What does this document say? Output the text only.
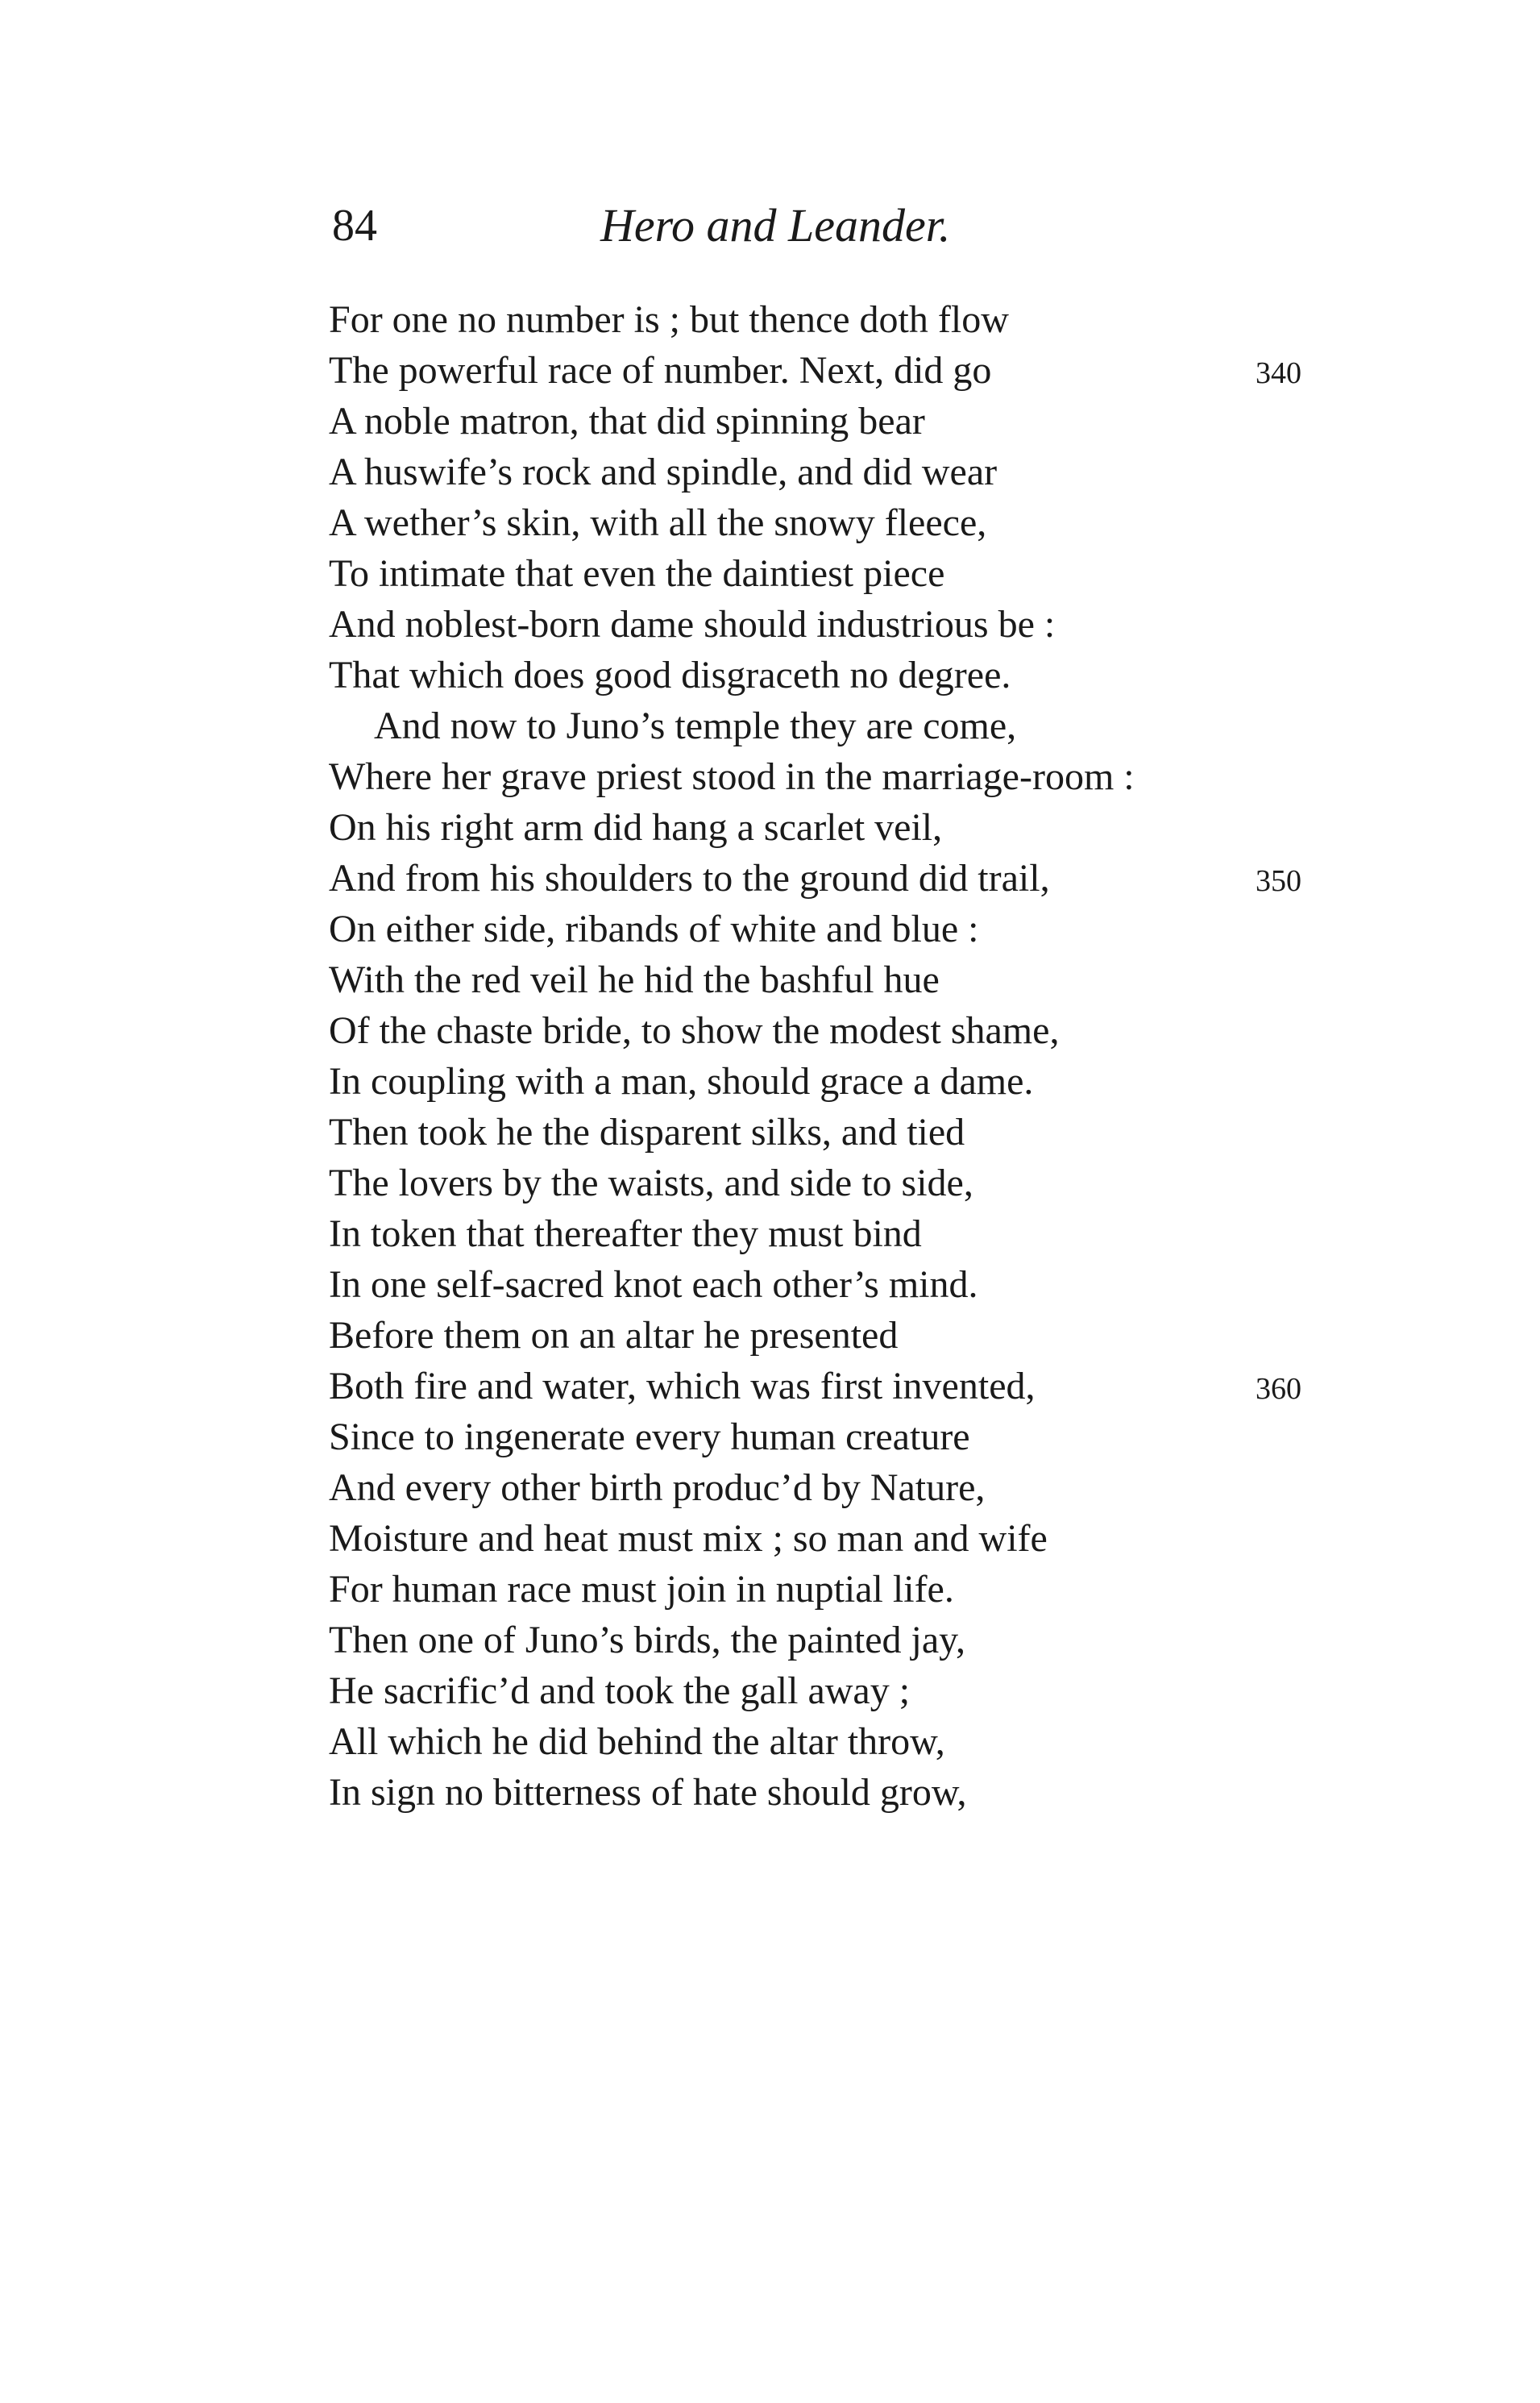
84	Hero and Leander.
For one no number is ; but thence doth flow
The powerful race of number. Next, did go	340
A noble matron, that did spinning bear
A huswife’s rock and spindle, and did wear
A wether’s skin, with all the snowy fleece,
To intimate that even the daintiest piece
And noblest-born dame should industrious be :
That which does good disgraceth no degree.
And now to Juno’s temple they are come,
Where her grave priest stood in the marriage-room :
On his right arm did hang a scarlet veil,
And from his shoulders to the ground did trail,	350
On either side, ribands of white and blue :
With the red veil he hid the bashful hue
Of the chaste bride, to show the modest shame,
In coupling with a man, should grace a dame.
Then took he the disparent silks, and tied
The lovers by the waists, and side to side,
In token that thereafter they must bind
In one self-sacred knot each other’s mind.
Before them on an altar he presented
Both fire and water, which was first invented,	360
Since to ingenerate every human creature
And every other birth produc’d by Nature,
Moisture and heat must mix ; so man and wife
For human race must join in nuptial life.
Then one of Juno’s birds, the painted jay,
He sacrific’d and took the gall away ;
All which he did behind the altar throw,
In sign no bitterness of hate should grow,
